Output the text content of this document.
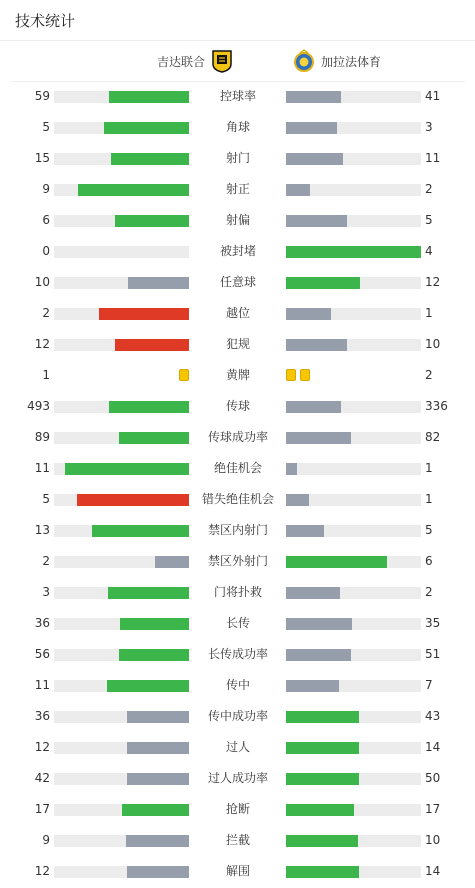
技术统计
吉达联合	加拉法体育
59	控球率	41
5	角球	3
15	射门	11
9	射正	2
6	射偏	5
0	被封堵	4
10	任意球	12
2	越位	1
12	犯规	10
1	黄牌	2
493	传球	336
89	传球成功率	82
11	绝佳机会	1
5	错失绝佳机会	1
13	禁区内射门	5
2	禁区外射门	6
3	门将扑救	2
36	长传	35
56	长传成功率	51
11	传中	7
36	传中成功率	43
12	过人	14
42	过人成功率	50
17	抢断	17
9	拦截	10
12	解围	14
